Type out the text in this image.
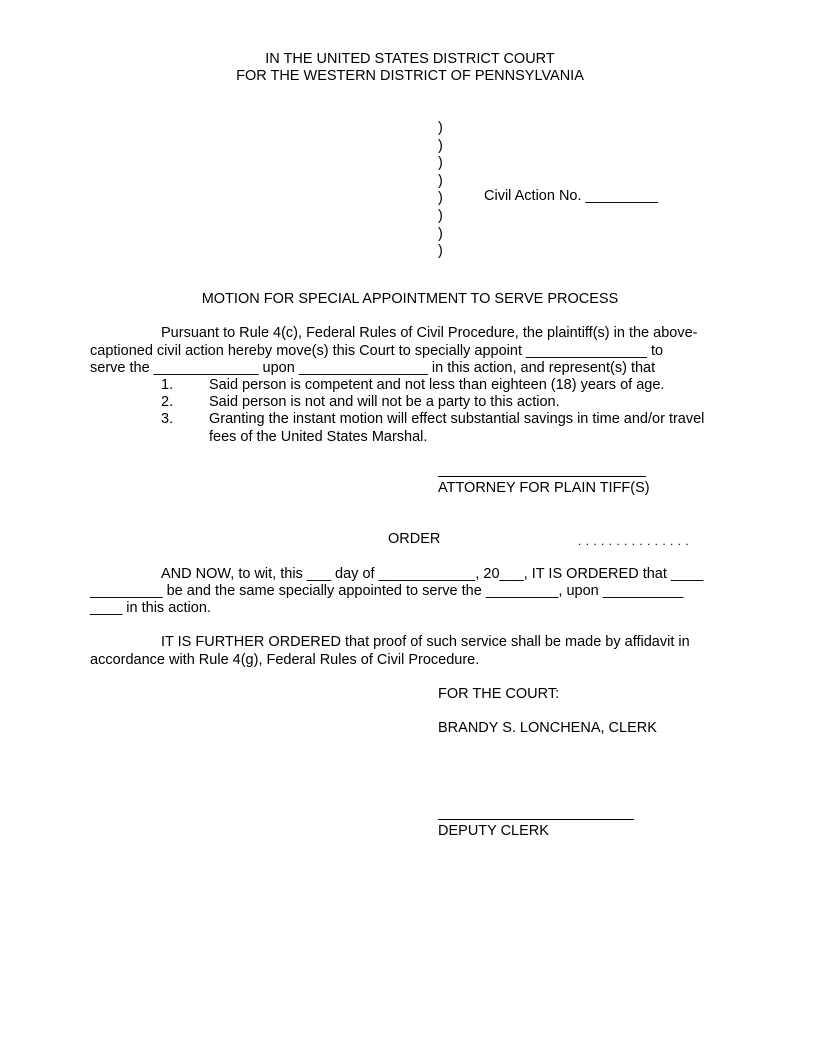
IN THE UNITED STATES DISTRICT COURT
FOR THE WESTERN DISTRICT OF PENNSYLVANIA
)
)
)
)
)
)
)
)
Civil Action No. _________
MOTION FOR SPECIAL APPOINTMENT TO SERVE PROCESS
Pursuant to Rule 4(c), Federal Rules of Civil Procedure, the plaintiff(s) in the above-
captioned civil action hereby move(s) this Court to specially appoint _______________ to
serve the _____________ upon ________________ in this action, and represent(s) that
1. Said person is competent and not less than eighteen (18) years of age.
2. Said person is not and will not be a party to this action.
3. Granting the instant motion will effect substantial savings in time and/or travel
fees of the United States Marshal.
ATTORNEY FOR PLAIN TIFF(S)
ORDER	. . . . . . . . . . . . . . .
AND NOW, to wit, this ___ day of ____________, 20___, IT IS ORDERED that ____
_________ be and the same specially appointed to serve the _________, upon __________
____ in this action.
IT IS FURTHER ORDERED that proof of such service shall be made by affidavit in
accordance with Rule 4(g), Federal Rules of Civil Procedure.
FOR THE COURT:
BRANDY S. LONCHENA, CLERK
DEPUTY CLERK
